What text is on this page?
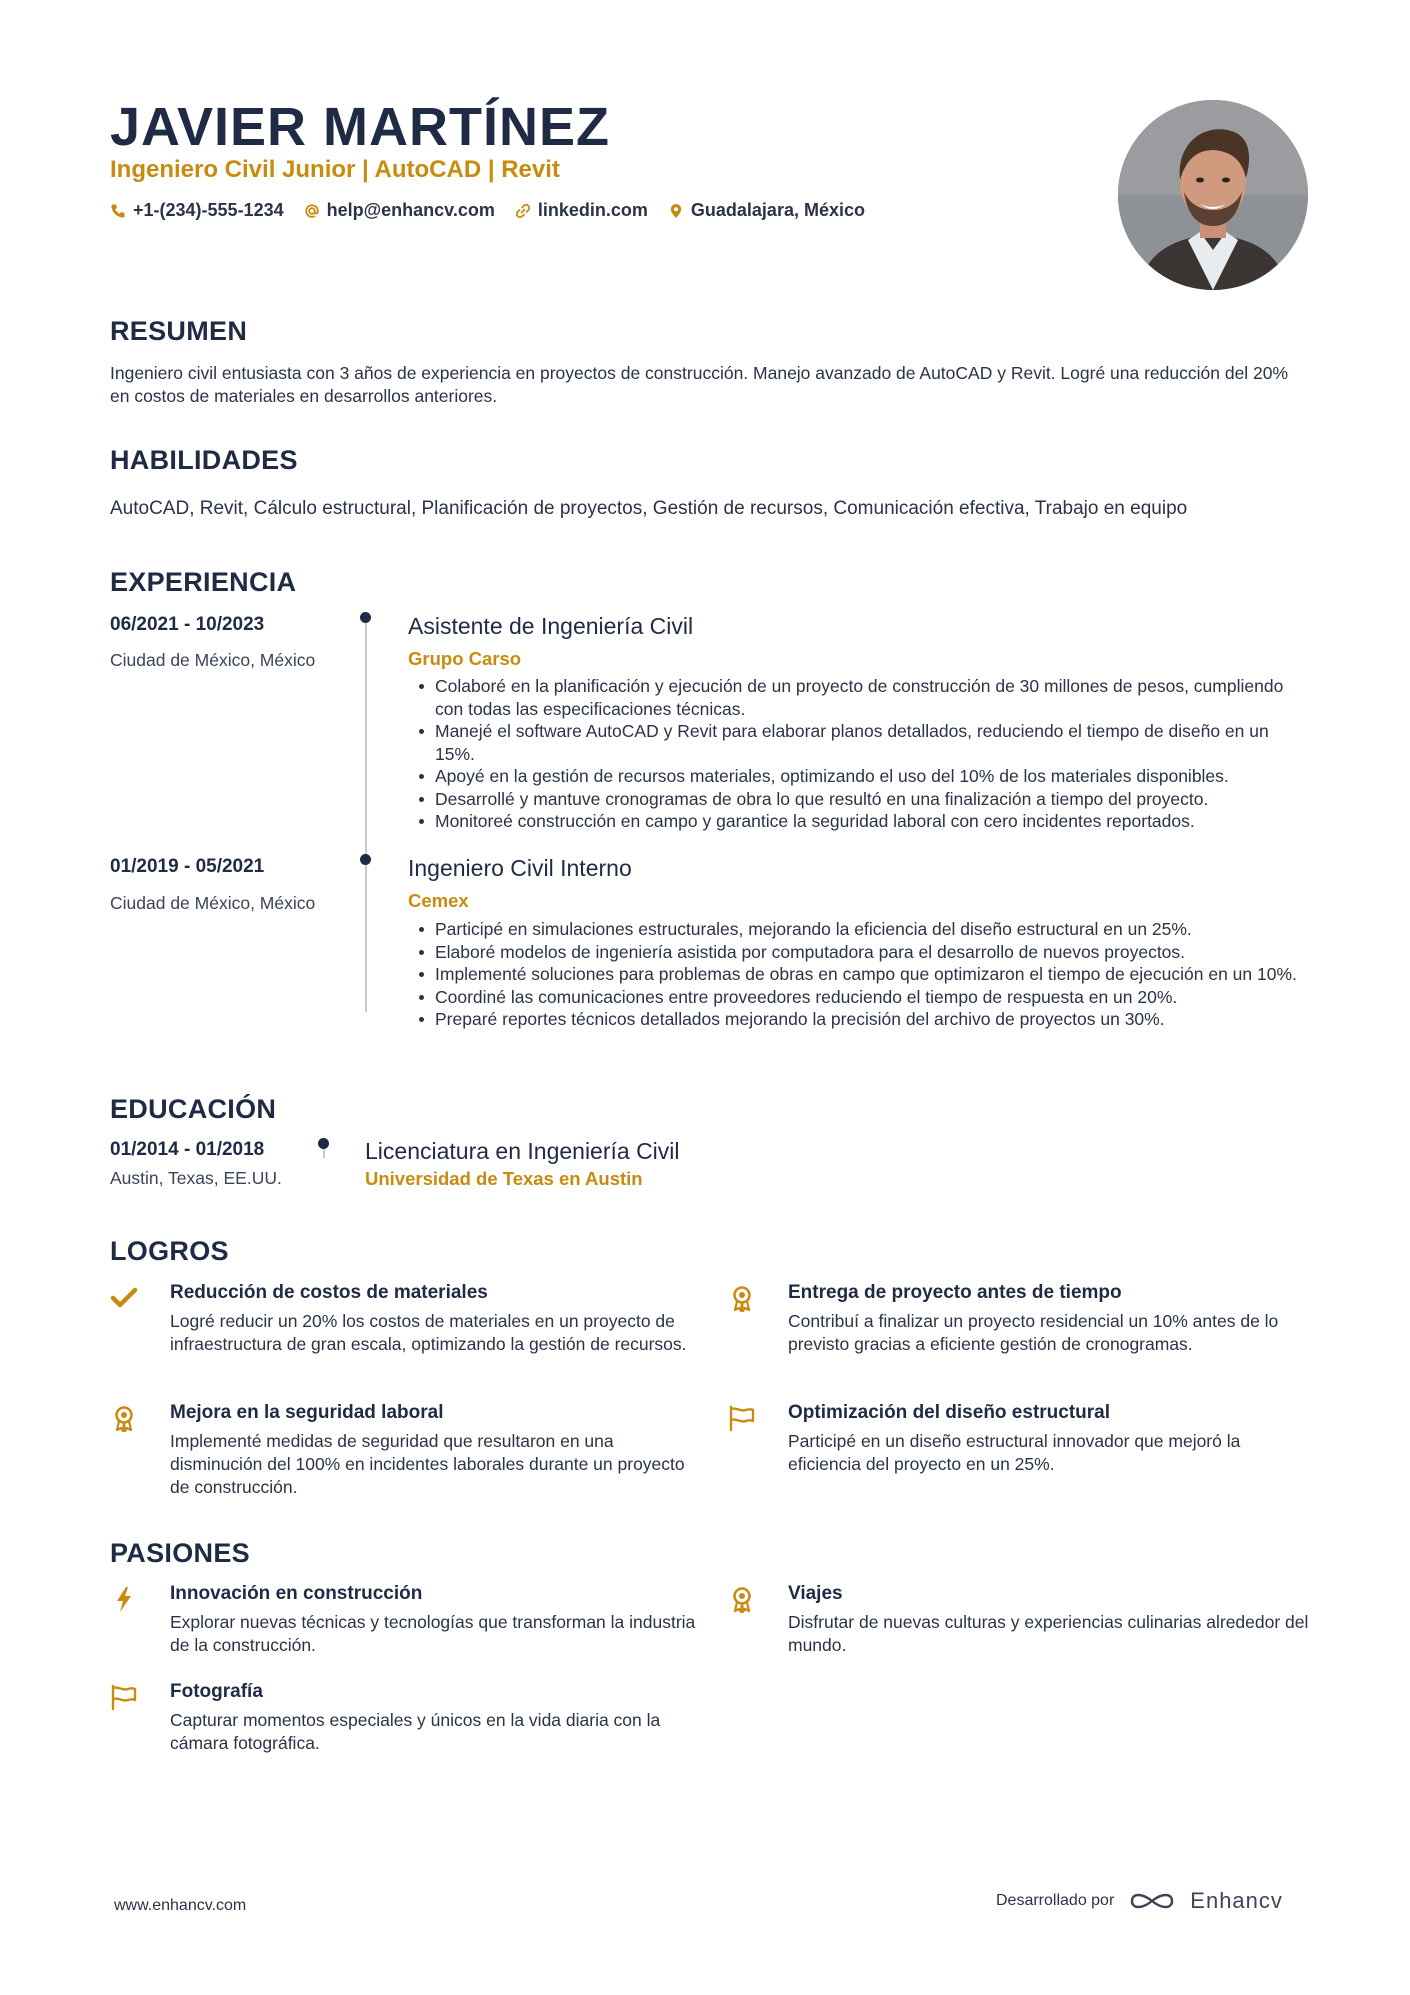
JAVIER MARTÍNEZ
Ingeniero Civil Junior | AutoCAD | Revit
+1-(234)-555-1234 help@enhancv.com linkedin.com Guadalajara, México
RESUMEN
Ingeniero civil entusiasta con 3 años de experiencia en proyectos de construcción. Manejo avanzado de AutoCAD y Revit. Logré una reducción del 20% en costos de materiales en desarrollos anteriores.
HABILIDADES
AutoCAD, Revit, Cálculo estructural, Planificación de proyectos, Gestión de recursos, Comunicación efectiva, Trabajo en equipo
EXPERIENCIA
06/2021 - 10/2023
Ciudad de México, México
Asistente de Ingeniería Civil
Grupo Carso
Colaboré en la planificación y ejecución de un proyecto de construcción de 30 millones de pesos, cumpliendo con todas las especificaciones técnicas.
Manejé el software AutoCAD y Revit para elaborar planos detallados, reduciendo el tiempo de diseño en un 15%.
Apoyé en la gestión de recursos materiales, optimizando el uso del 10% de los materiales disponibles.
Desarrollé y mantuve cronogramas de obra lo que resultó en una finalización a tiempo del proyecto.
Monitoreé construcción en campo y garantice la seguridad laboral con cero incidentes reportados.
01/2019 - 05/2021
Ciudad de México, México
Ingeniero Civil Interno
Cemex
Participé en simulaciones estructurales, mejorando la eficiencia del diseño estructural en un 25%.
Elaboré modelos de ingeniería asistida por computadora para el desarrollo de nuevos proyectos.
Implementé soluciones para problemas de obras en campo que optimizaron el tiempo de ejecución en un 10%.
Coordiné las comunicaciones entre proveedores reduciendo el tiempo de respuesta en un 20%.
Preparé reportes técnicos detallados mejorando la precisión del archivo de proyectos un 30%.
EDUCACIÓN
01/2014 - 01/2018
Austin, Texas, EE.UU.
Licenciatura en Ingeniería Civil
Universidad de Texas en Austin
LOGROS
Reducción de costos de materiales
Logré reducir un 20% los costos de materiales en un proyecto de infraestructura de gran escala, optimizando la gestión de recursos.
Entrega de proyecto antes de tiempo
Contribuí a finalizar un proyecto residencial un 10% antes de lo previsto gracias a eficiente gestión de cronogramas.
Mejora en la seguridad laboral
Implementé medidas de seguridad que resultaron en una disminución del 100% en incidentes laborales durante un proyecto de construcción.
Optimización del diseño estructural
Participé en un diseño estructural innovador que mejoró la eficiencia del proyecto en un 25%.
PASIONES
Innovación en construcción
Explorar nuevas técnicas y tecnologías que transforman la industria de la construcción.
Viajes
Disfrutar de nuevas culturas y experiencias culinarias alrededor del mundo.
Fotografía
Capturar momentos especiales y únicos en la vida diaria con la cámara fotográfica.
www.enhancv.com	Desarrollado por	Enhancv
